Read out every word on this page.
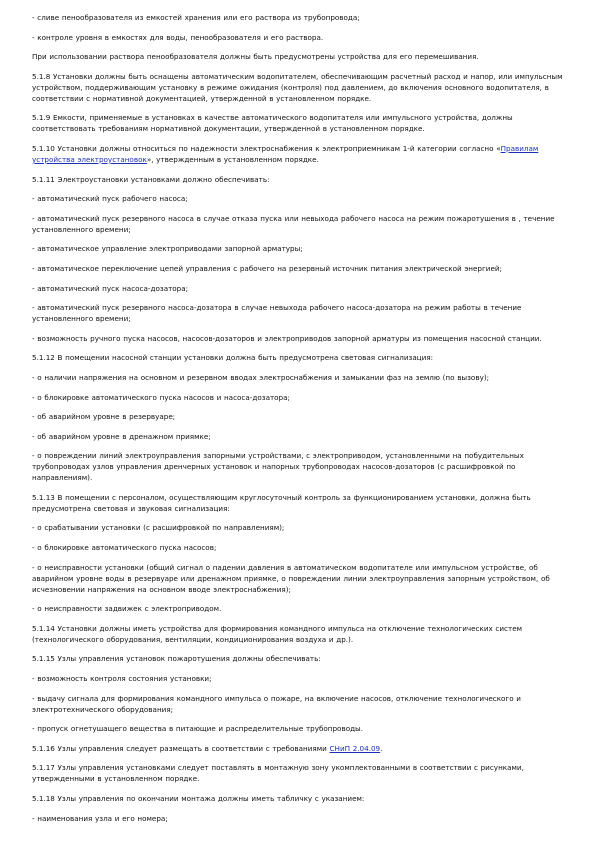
- сливе пенообразователя из емкостей хранения или его раствора из трубопровода;

- контроле уровня в емкостях для воды, пенообразователя и его раствора.

При использовании раствора пенообразователя должны быть предусмотрены устройства для его перемешивания.

5.1.8 Установки должны быть оснащены автоматическим водопитателем, обеспечивающим расчетный расход и напор, или импульсным устройством, поддерживающим установку в режиме ожидания (контроля) под давлением, до включения основного водопитателя, в соответствии с нормативной документацией, утвержденной в установленном порядке.

5.1.9 Емкости, применяемые в установках в качестве автоматического водопитателя или импульсного устройства, должны соответствовать требованиям нормативной документации, утвержденной в установленном порядке.

5.1.10 Установки должны относиться по надежности электроснабжения к электроприемникам 1-й категории согласно «Правилам устройства электроустановок», утвержденным в установленном порядке.

5.1.11 Электроустановки установками должно обеспечивать:

- автоматический пуск рабочего насоса;

- автоматический пуск резервного насоса в случае отказа пуска или невыхода рабочего насоса на режим пожаротушения в , течение установленного времени;

- автоматическое управление электроприводами запорной арматуры;

- автоматическое переключение цепей управления с рабочего на резервный источник питания электрической энергией;

- автоматический пуск насоса-дозатора;

- автоматический пуск резервного насоса-дозатора в случае невыхода рабочего насоса-дозатора на режим работы в течение установленного времени;

- возможность ручного пуска насосов, насосов-дозаторов и электроприводов запорной арматуры из помещения насосной станции.

5.1.12 В помещении насосной станции установки должна быть предусмотрена световая сигнализация:

- о наличии напряжения на основном и резервном вводах электроснабжения и замыкании фаз на землю (по вызову);

- о блокировке автоматического пуска насосов и насоса-дозатора;

- об аварийном уровне в резервуаре;

- об аварийном уровне в дренажном приямке;

- о повреждении линий электроуправления запорными устройствами, с электроприводом, установленными на побудительных трубопроводах узлов управления дренчерных установок и напорных трубопроводах насосов-дозаторов (с расшифровкой по направлениям).

5.1.13 В помещении с персоналом, осуществляющим круглосуточный контроль за функционированием установки, должна быть предусмотрена световая и звуковая сигнализация:

- о срабатывании установки (с расшифровкой по направлениям);

- о блокировке автоматического пуска насосов;

- о неисправности установки (общий сигнал о падении давления в автоматическом водопитателе или импульсном устройстве, об аварийном уровне воды в резервуаре или дренажном приямке, о повреждении линии электроуправления запорным устройством, об исчезновении напряжения на основном вводе электроснабжения);

- о неисправности задвижек с электроприводом.

5.1.14 Установки должны иметь устройства для формирования командного импульса на отключение технологических систем (технологического оборудования, вентиляции, кондиционирования воздуха и др.).

5.1.15 Узлы управления установок пожаротушения должны обеспечивать:

- возможность контроля состояния установки;

- выдачу сигнала для формирования командного импульса о пожаре, на включение насосов, отключение технологического и электротехнического оборудования;

- пропуск огнетушащего вещества в питающие и распределительные трубопроводы.

5.1.16 Узлы управления следует размещать в соответствии с требованиями СНиП 2.04.09.

5.1.17 Узлы управления установками следует поставлять в монтажную зону укомплектованными в соответствии с рисунками, утвержденными в установленном порядке.

5.1.18 Узлы управления по окончании монтажа должны иметь табличку с указанием:

- наименования узла и его номера;
